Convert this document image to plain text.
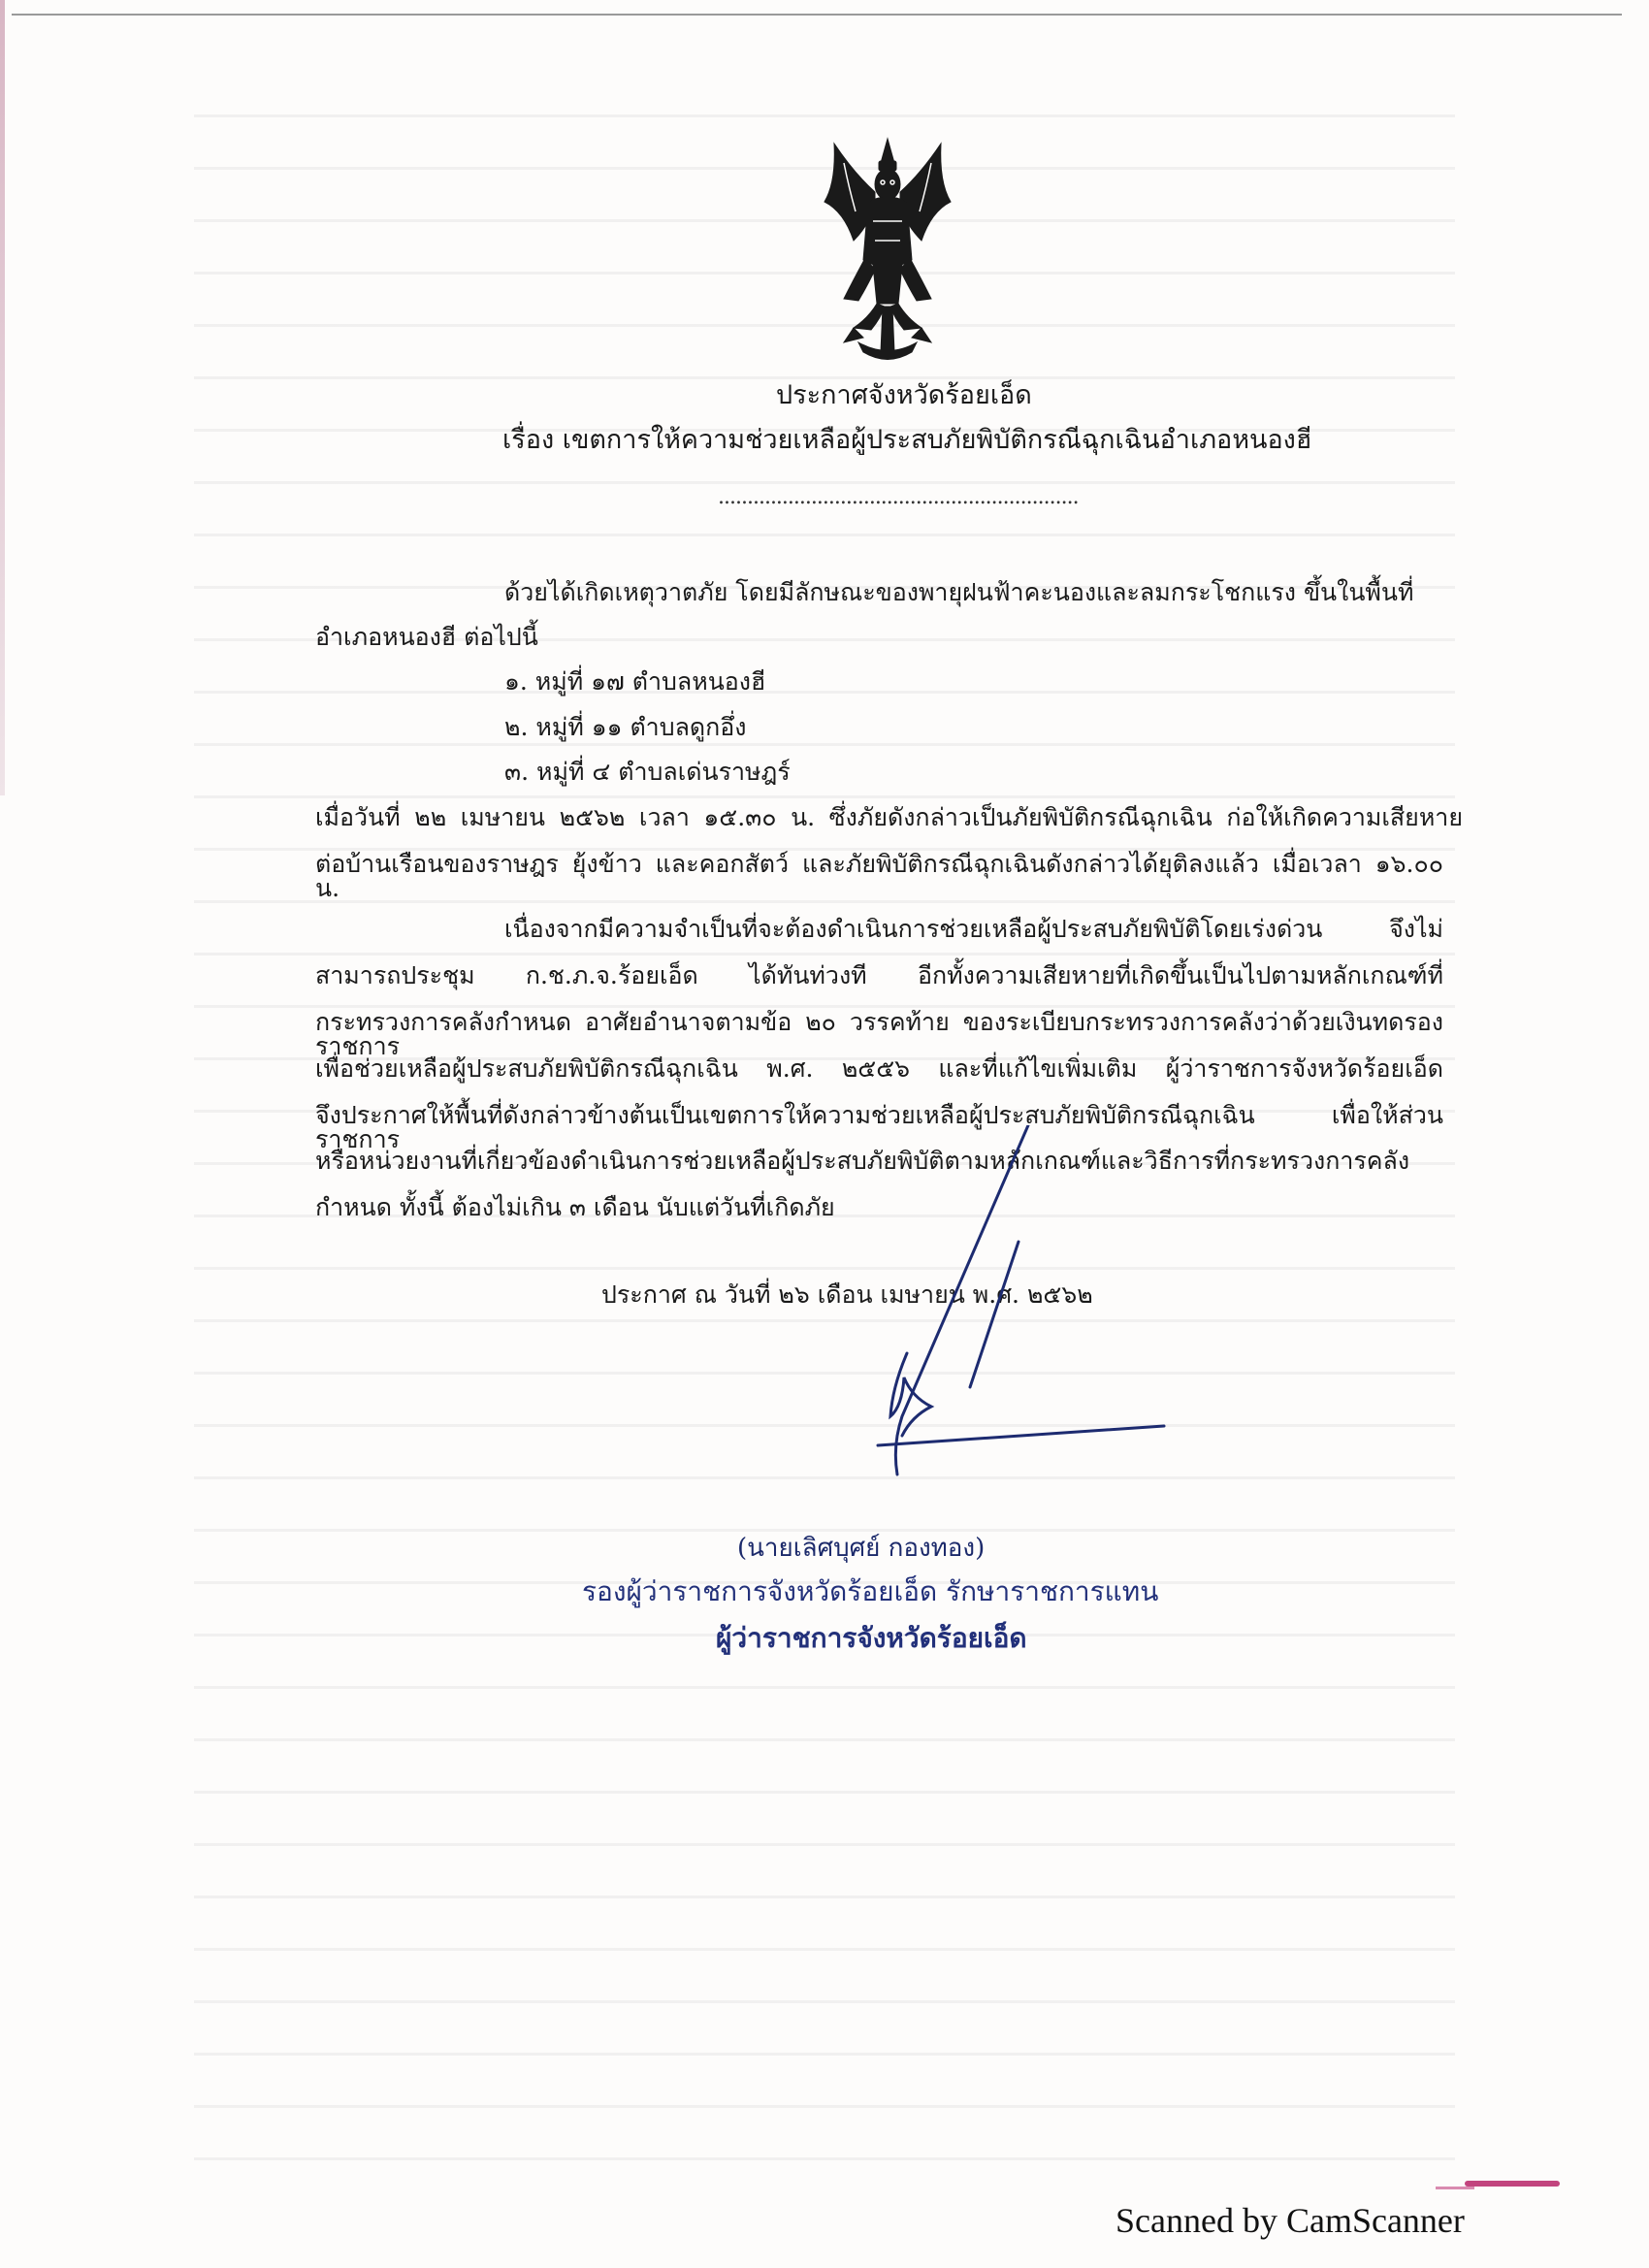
ประกาศจังหวัดร้อยเอ็ด
เรื่อง เขตการให้ความช่วยเหลือผู้ประสบภัยพิบัติกรณีฉุกเฉินอำเภอหนองฮี
..............................................................
ด้วยได้เกิดเหตุวาตภัย โดยมีลักษณะของพายุฝนฟ้าคะนองและลมกระโชกแรง ขึ้นในพื้นที่
อำเภอหนองฮี ต่อไปนี้
๑. หมู่ที่ ๑๗ ตำบลหนองฮี
๒. หมู่ที่ ๑๑ ตำบลดูกอึ่ง
๓. หมู่ที่ ๔ ตำบลเด่นราษฎร์
เมื่อวันที่ ๒๒ เมษายน ๒๕๖๒ เวลา ๑๕.๓๐ น. ซึ่งภัยดังกล่าวเป็นภัยพิบัติกรณีฉุกเฉิน ก่อให้เกิดความเสียหาย
ต่อบ้านเรือนของราษฎร ยุ้งข้าว และคอกสัตว์ และภัยพิบัติกรณีฉุกเฉินดังกล่าวได้ยุติลงแล้ว เมื่อเวลา ๑๖.๐๐ น.
เนื่องจากมีความจำเป็นที่จะต้องดำเนินการช่วยเหลือผู้ประสบภัยพิบัติโดยเร่งด่วน จึงไม่
สามารถประชุม ก.ช.ภ.จ.ร้อยเอ็ด ได้ทันท่วงที อีกทั้งความเสียหายที่เกิดขึ้นเป็นไปตามหลักเกณฑ์ที่
กระทรวงการคลังกำหนด อาศัยอำนาจตามข้อ ๒๐ วรรคท้าย ของระเบียบกระทรวงการคลังว่าด้วยเงินทดรองราชการ
เพื่อช่วยเหลือผู้ประสบภัยพิบัติกรณีฉุกเฉิน พ.ศ. ๒๕๕๖ และที่แก้ไขเพิ่มเติม ผู้ว่าราชการจังหวัดร้อยเอ็ด
จึงประกาศให้พื้นที่ดังกล่าวข้างต้นเป็นเขตการให้ความช่วยเหลือผู้ประสบภัยพิบัติกรณีฉุกเฉิน เพื่อให้ส่วนราชการ
หรือหน่วยงานที่เกี่ยวข้องดำเนินการช่วยเหลือผู้ประสบภัยพิบัติตามหลักเกณฑ์และวิธีการที่กระทรวงการคลัง
กำหนด ทั้งนี้ ต้องไม่เกิน ๓ เดือน นับแต่วันที่เกิดภัย
ประกาศ ณ วันที่ ๒๖ เดือน เมษายน พ.ศ. ๒๕๖๒
(นายเลิศบุศย์ กองทอง)
รองผู้ว่าราชการจังหวัดร้อยเอ็ด รักษาราชการแทน
ผู้ว่าราชการจังหวัดร้อยเอ็ด
Scanned by CamScanner
